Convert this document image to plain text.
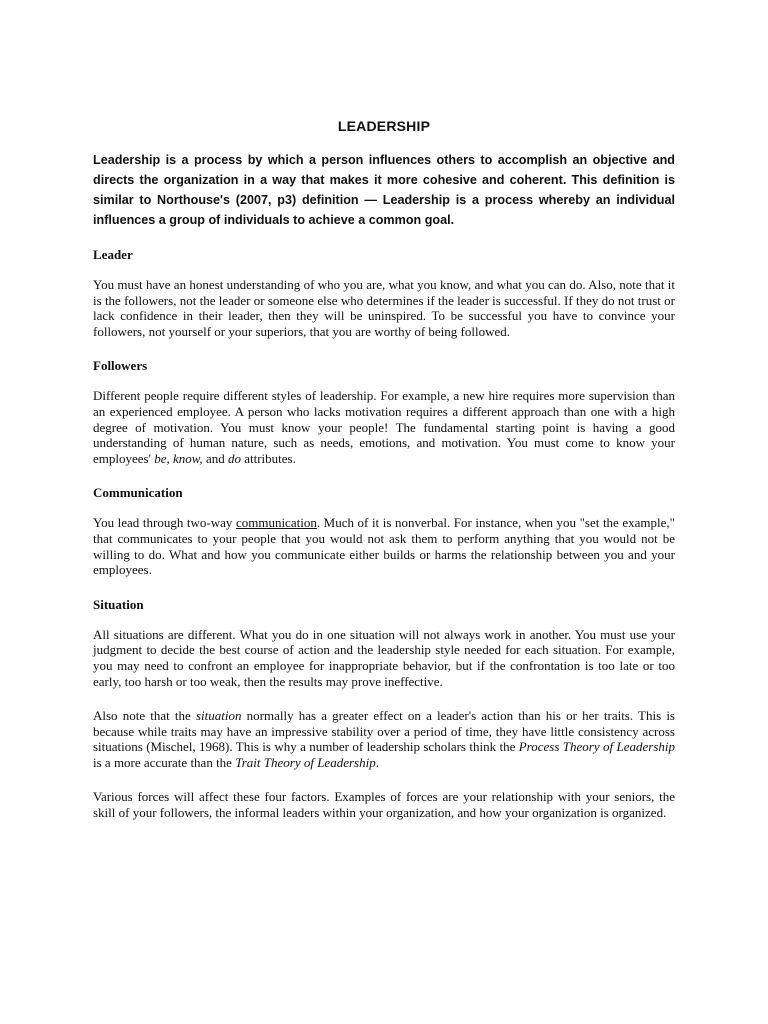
LEADERSHIP

Leadership is a process by which a person influences others to accomplish an objective and directs the organization in a way that makes it more cohesive and coherent. This definition is similar to Northouse's (2007, p3) definition — Leadership is a process whereby an individual influences a group of individuals to achieve a common goal.

Leader

You must have an honest understanding of who you are, what you know, and what you can do. Also, note that it is the followers, not the leader or someone else who determines if the leader is successful. If they do not trust or lack confidence in their leader, then they will be uninspired. To be successful you have to convince your followers, not yourself or your superiors, that you are worthy of being followed.

Followers

Different people require different styles of leadership. For example, a new hire requires more supervision than an experienced employee. A person who lacks motivation requires a different approach than one with a high degree of motivation. You must know your people! The fundamental starting point is having a good understanding of human nature, such as needs, emotions, and motivation. You must come to know your employees' be, know, and do attributes.

Communication

You lead through two-way communication. Much of it is nonverbal. For instance, when you "set the example," that communicates to your people that you would not ask them to perform anything that you would not be willing to do. What and how you communicate either builds or harms the relationship between you and your employees.

Situation

All situations are different. What you do in one situation will not always work in another. You must use your judgment to decide the best course of action and the leadership style needed for each situation. For example, you may need to confront an employee for inappropriate behavior, but if the confrontation is too late or too early, too harsh or too weak, then the results may prove ineffective.

Also note that the situation normally has a greater effect on a leader's action than his or her traits. This is because while traits may have an impressive stability over a period of time, they have little consistency across situations (Mischel, 1968). This is why a number of leadership scholars think the Process Theory of Leadership is a more accurate than the Trait Theory of Leadership.

Various forces will affect these four factors. Examples of forces are your relationship with your seniors, the skill of your followers, the informal leaders within your organization, and how your organization is organized.
